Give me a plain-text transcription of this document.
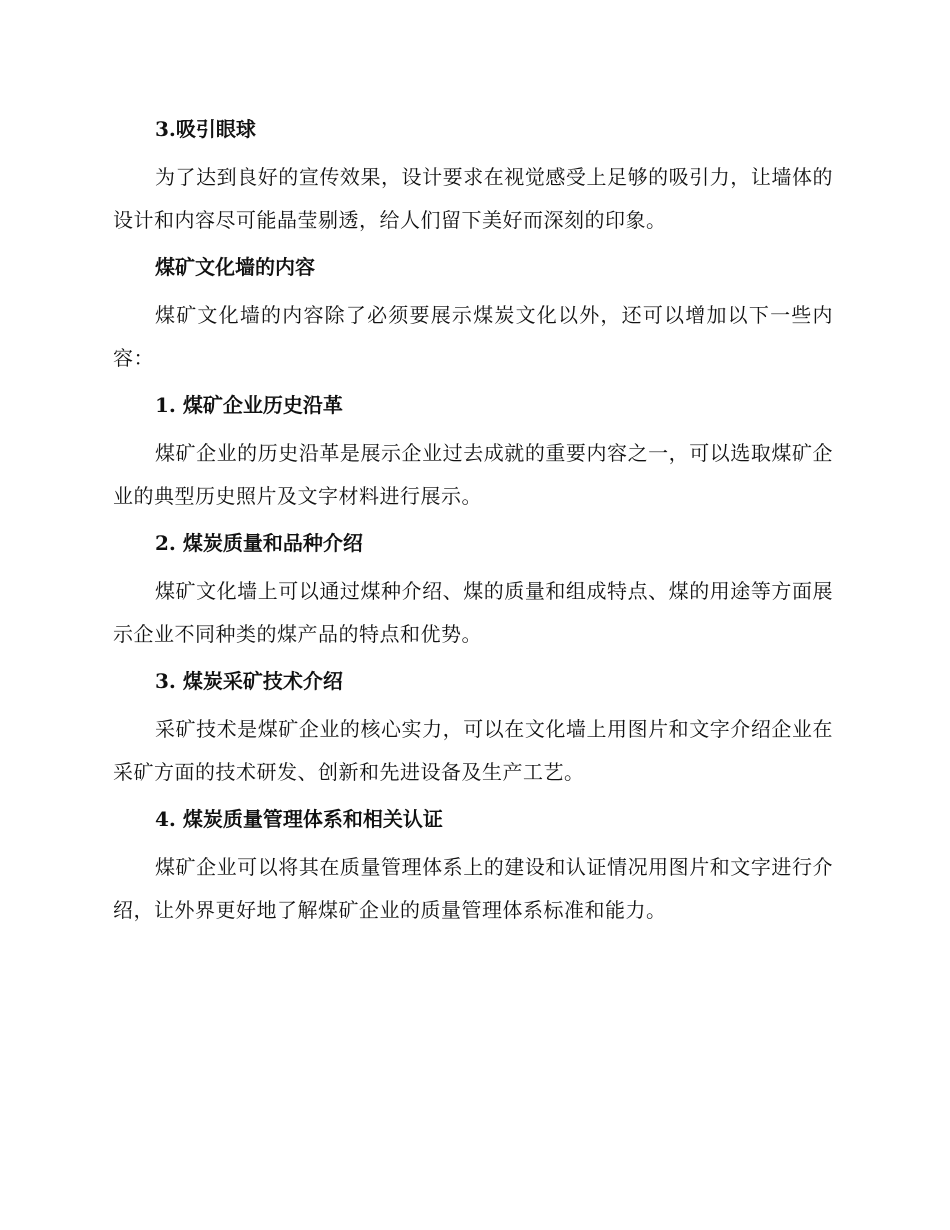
3.吸引眼球

为了达到良好的宣传效果，设计要求在视觉感受上足够的吸引力，让墙体的设计和内容尽可能晶莹剔透，给人们留下美好而深刻的印象。

煤矿文化墙的内容

煤矿文化墙的内容除了必须要展示煤炭文化以外，还可以增加以下一些内容：

1. 煤矿企业历史沿革

煤矿企业的历史沿革是展示企业过去成就的重要内容之一，可以选取煤矿企业的典型历史照片及文字材料进行展示。

2. 煤炭质量和品种介绍

煤矿文化墙上可以通过煤种介绍、煤的质量和组成特点、煤的用途等方面展示企业不同种类的煤产品的特点和优势。

3. 煤炭采矿技术介绍

采矿技术是煤矿企业的核心实力，可以在文化墙上用图片和文字介绍企业在采矿方面的技术研发、创新和先进设备及生产工艺。

4. 煤炭质量管理体系和相关认证

煤矿企业可以将其在质量管理体系上的建设和认证情况用图片和文字进行介绍，让外界更好地了解煤矿企业的质量管理体系标准和能力。
